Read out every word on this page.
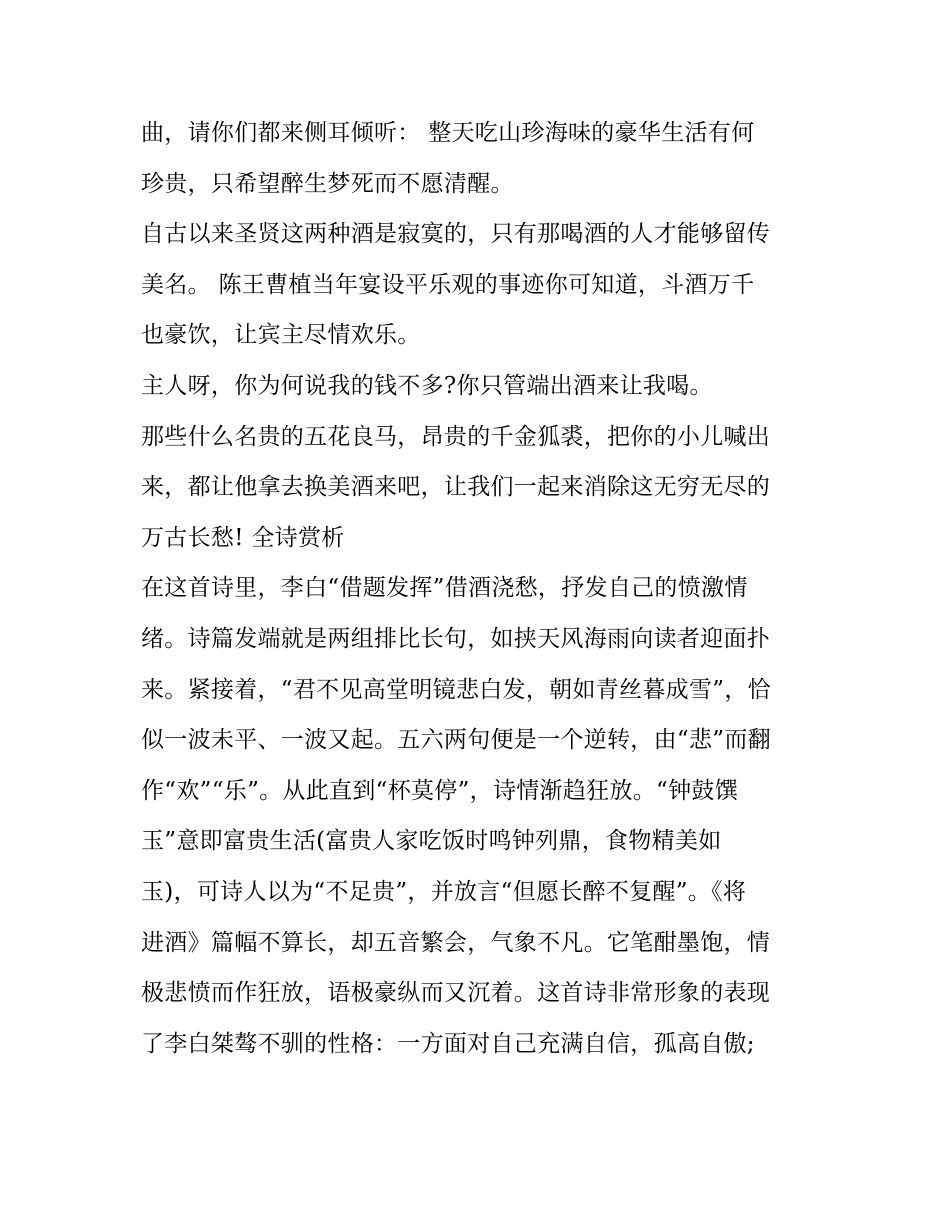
曲，请你们都来侧耳倾听： 整天吃山珍海味的豪华生活有何
珍贵，只希望醉生梦死而不愿清醒。
自古以来圣贤这两种酒是寂寞的，只有那喝酒的人才能够留传
美名。 陈王曹植当年宴设平乐观的事迹你可知道，斗酒万千
也豪饮，让宾主尽情欢乐。
主人呀，你为何说我的钱不多?你只管端出酒来让我喝。
那些什么名贵的五花良马，昂贵的千金狐裘，把你的小儿喊出
来，都让他拿去换美酒来吧，让我们一起来消除这无穷无尽的
万古长愁! 全诗赏析
在这首诗里，李白“借题发挥”借酒浇愁，抒发自己的愤激情
绪。诗篇发端就是两组排比长句，如挟天风海雨向读者迎面扑
来。紧接着，“君不见高堂明镜悲白发，朝如青丝暮成雪”，恰
似一波未平、一波又起。五六两句便是一个逆转，由“悲”而翻
作“欢”“乐”。从此直到“杯莫停”，诗情渐趋狂放。“钟鼓馔
玉”意即富贵生活(富贵人家吃饭时鸣钟列鼎，食物精美如
玉)，可诗人以为“不足贵”，并放言“但愿长醉不复醒”。《将
进酒》篇幅不算长，却五音繁会，气象不凡。它笔酣墨饱，情
极悲愤而作狂放，语极豪纵而又沉着。这首诗非常形象的表现
了李白桀骜不驯的性格：一方面对自己充满自信，孤高自傲;
